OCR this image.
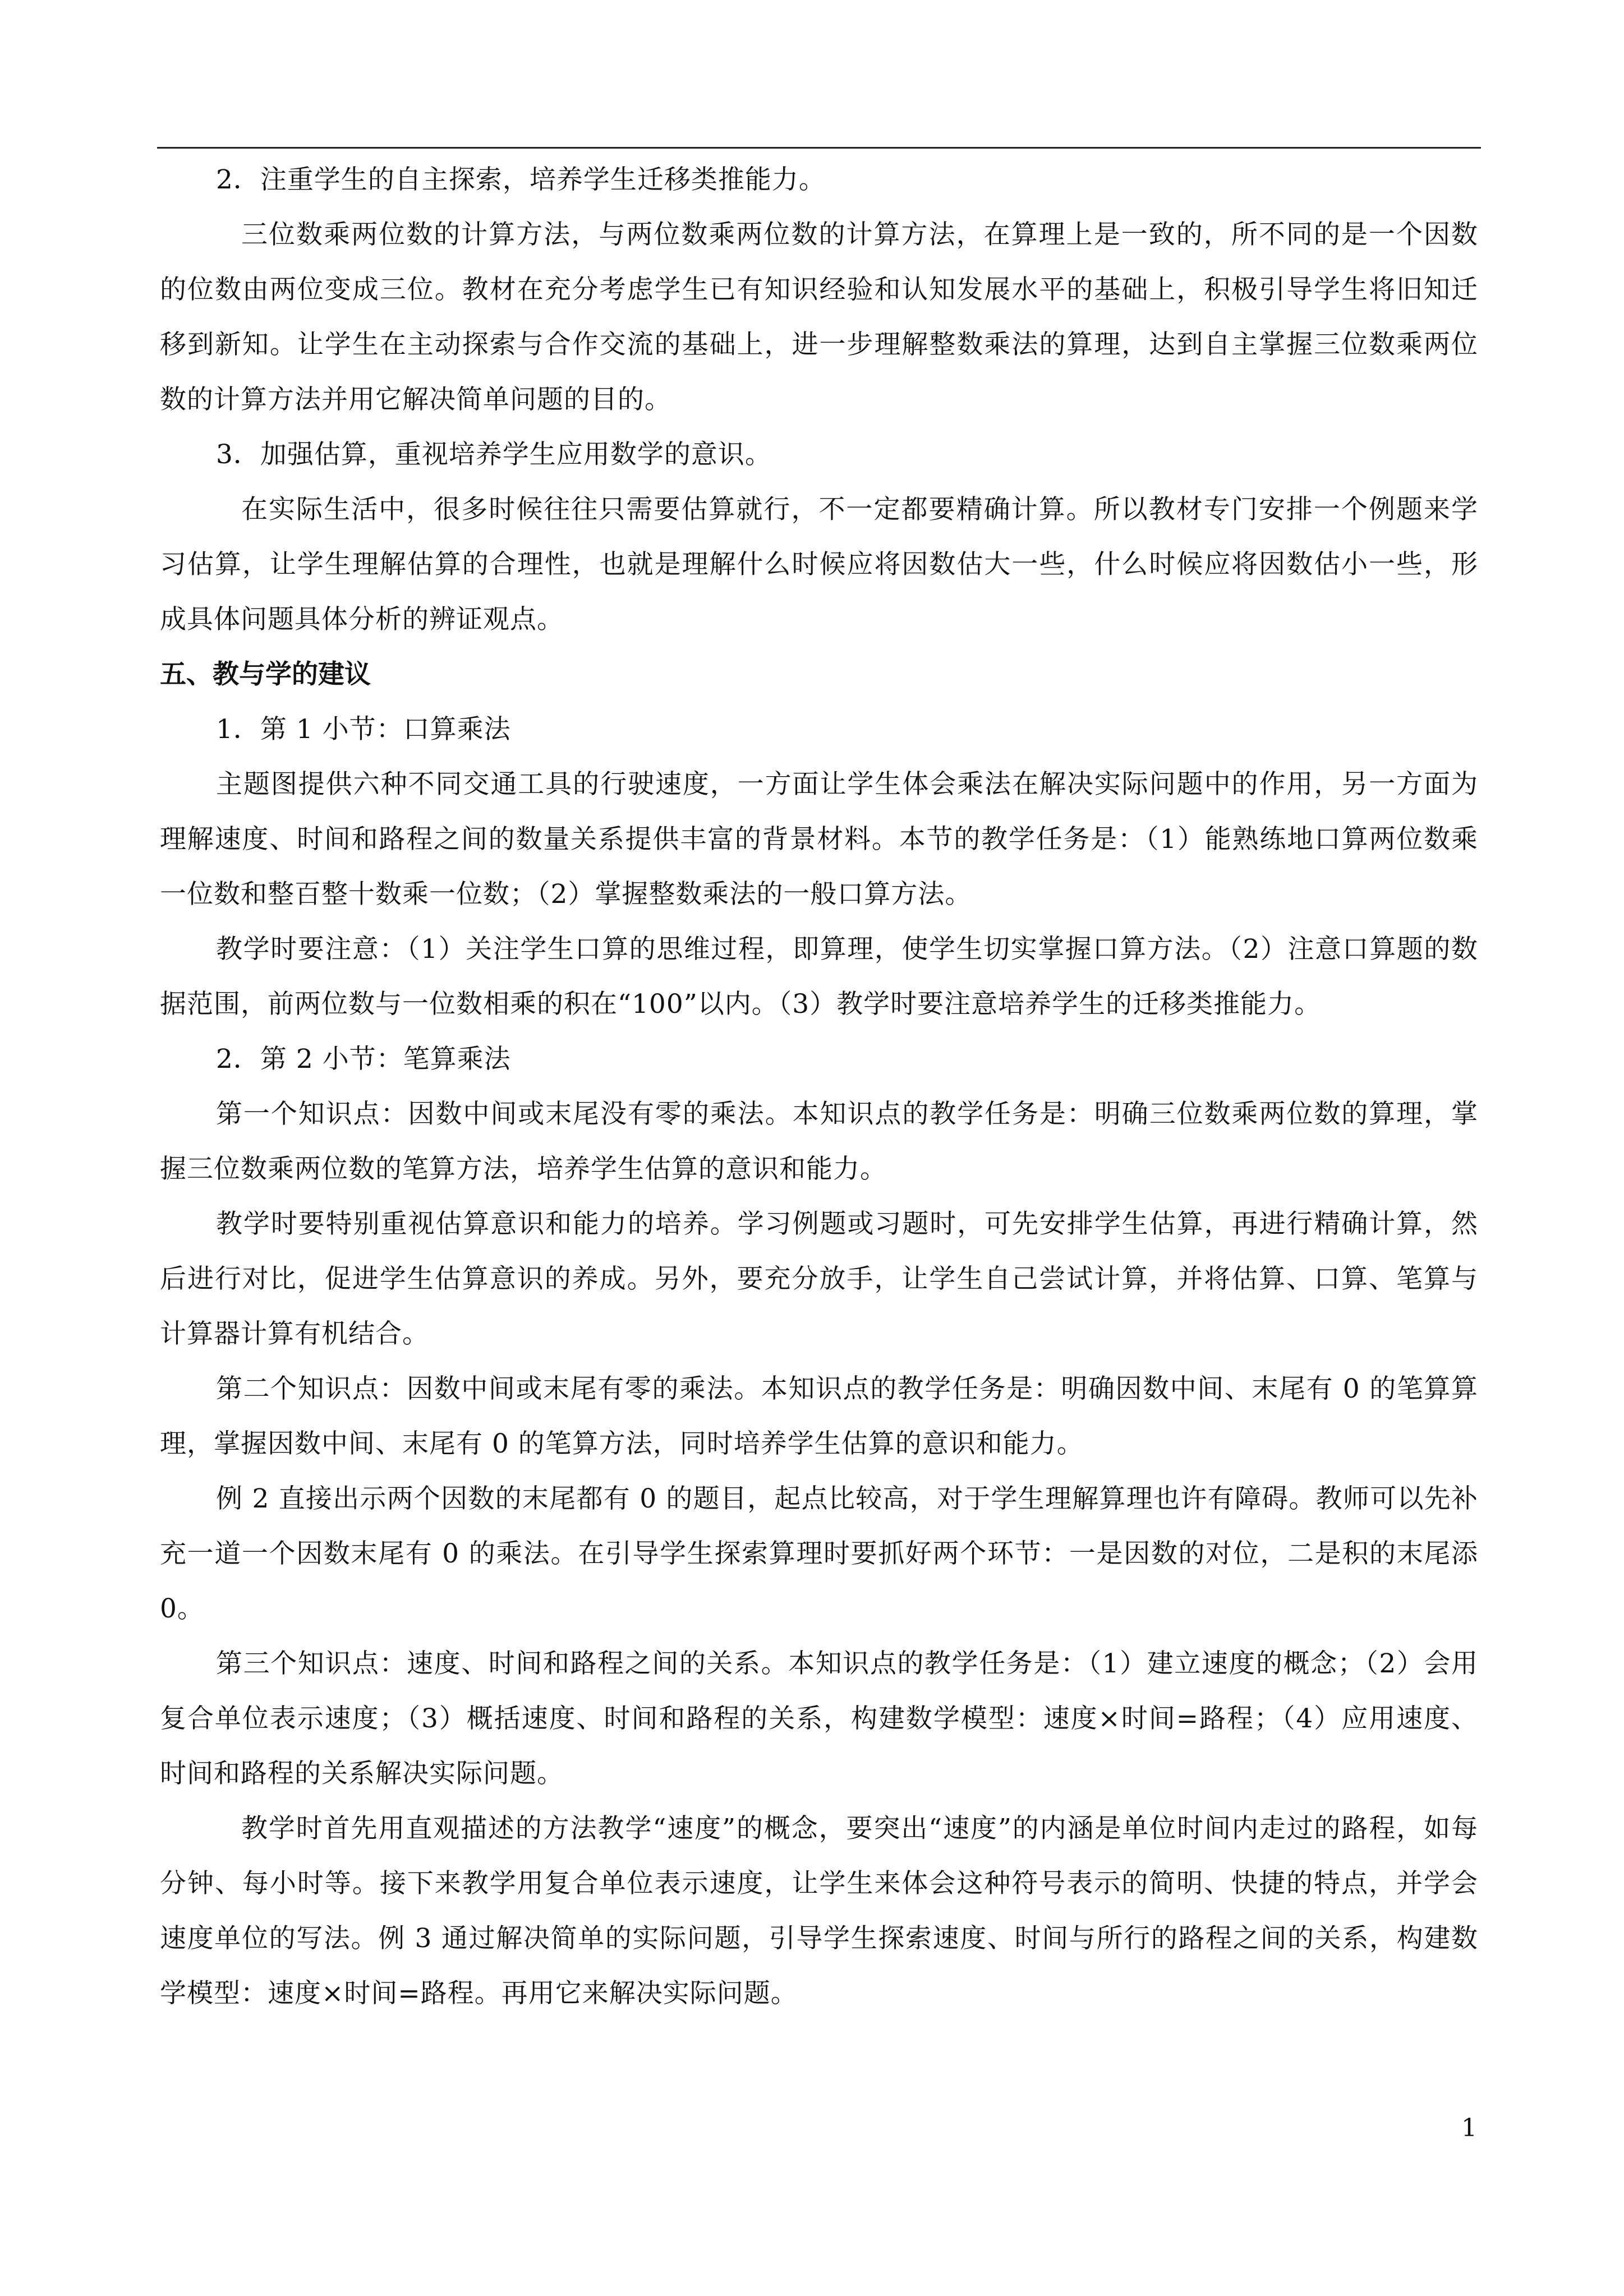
2．注重学生的自主探索，培养学生迁移类推能力。

三位数乘两位数的计算方法，与两位数乘两位数的计算方法，在算理上是一致的，所不同的是一个因数的位数由两位变成三位。教材在充分考虑学生已有知识经验和认知发展水平的基础上，积极引导学生将旧知迁移到新知。让学生在主动探索与合作交流的基础上，进一步理解整数乘法的算理，达到自主掌握三位数乘两位数的计算方法并用它解决简单问题的目的。

3．加强估算，重视培养学生应用数学的意识。

在实际生活中，很多时候往往只需要估算就行，不一定都要精确计算。所以教材专门安排一个例题来学习估算，让学生理解估算的合理性，也就是理解什么时候应将因数估大一些，什么时候应将因数估小一些，形成具体问题具体分析的辨证观点。

五、教与学的建议

1．第 1 小节：口算乘法

主题图提供六种不同交通工具的行驶速度，一方面让学生体会乘法在解决实际问题中的作用，另一方面为理解速度、时间和路程之间的数量关系提供丰富的背景材料。本节的教学任务是：（1）能熟练地口算两位数乘一位数和整百整十数乘一位数；（2）掌握整数乘法的一般口算方法。

教学时要注意：（1）关注学生口算的思维过程，即算理，使学生切实掌握口算方法。（2）注意口算题的数据范围，前两位数与一位数相乘的积在“100”以内。（3）教学时要注意培养学生的迁移类推能力。

2．第 2 小节：笔算乘法

第一个知识点：因数中间或末尾没有零的乘法。本知识点的教学任务是：明确三位数乘两位数的算理，掌握三位数乘两位数的笔算方法，培养学生估算的意识和能力。

教学时要特别重视估算意识和能力的培养。学习例题或习题时，可先安排学生估算，再进行精确计算，然后进行对比，促进学生估算意识的养成。另外，要充分放手，让学生自己尝试计算，并将估算、口算、笔算与计算器计算有机结合。

第二个知识点：因数中间或末尾有零的乘法。本知识点的教学任务是：明确因数中间、末尾有 0 的笔算算理，掌握因数中间、末尾有 0 的笔算方法，同时培养学生估算的意识和能力。

例 2 直接出示两个因数的末尾都有 0 的题目，起点比较高，对于学生理解算理也许有障碍。教师可以先补充一道一个因数末尾有 0 的乘法。在引导学生探索算理时要抓好两个环节：一是因数的对位，二是积的末尾添 0。

第三个知识点：速度、时间和路程之间的关系。本知识点的教学任务是：（1）建立速度的概念；（2）会用复合单位表示速度；（3）概括速度、时间和路程的关系，构建数学模型：速度×时间=路程；（4）应用速度、时间和路程的关系解决实际问题。

教学时首先用直观描述的方法教学“速度”的概念，要突出“速度”的内涵是单位时间内走过的路程，如每分钟、每小时等。接下来教学用复合单位表示速度，让学生来体会这种符号表示的简明、快捷的特点，并学会速度单位的写法。例 3 通过解决简单的实际问题，引导学生探索速度、时间与所行的路程之间的关系，构建数学模型：速度×时间=路程。再用它来解决实际问题。

1
